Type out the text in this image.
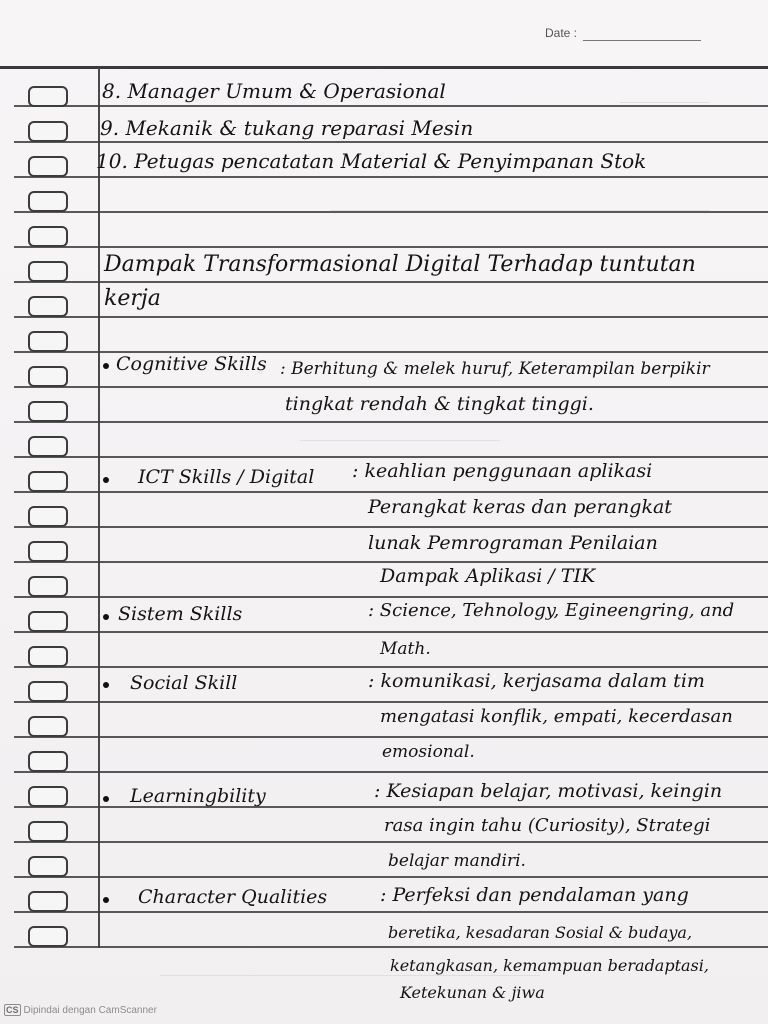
Date :
8. Manager Umum & Operasional
9. Mekanik & tukang reparasi Mesin
10. Petugas pencatatan Material & Penyimpanan Stok
Dampak Transformasional Digital Terhadap tuntutan
kerja
Cognitive Skills : Berhitung & melek huruf, Keterampilan berpikir
tingkat rendah & tingkat tinggi.
ICT Skills / Digital : keahlian penggunaan aplikasi
Perangkat keras dan perangkat
lunak Pemrograman Penilaian
Dampak Aplikasi / TIK
Sistem Skills	: Science, Tehnology, Egineengring, and
Math.
Social Skill	: komunikasi, kerjasama dalam tim
mengatasi konflik, empati, kecerdasan
emosional.
Learningbility	: Kesiapan belajar, motivasi, keingin
rasa ingin tahu (Curiosity), Strategi
belajar mandiri.
Character Qualities	: Perfeksi dan pendalaman yang
beretika, kesadaran Sosial & budaya,
ketangkasan, kemampuan beradaptasi,
Ketekunan & jiwa
CS Dipindai dengan CamScanner
